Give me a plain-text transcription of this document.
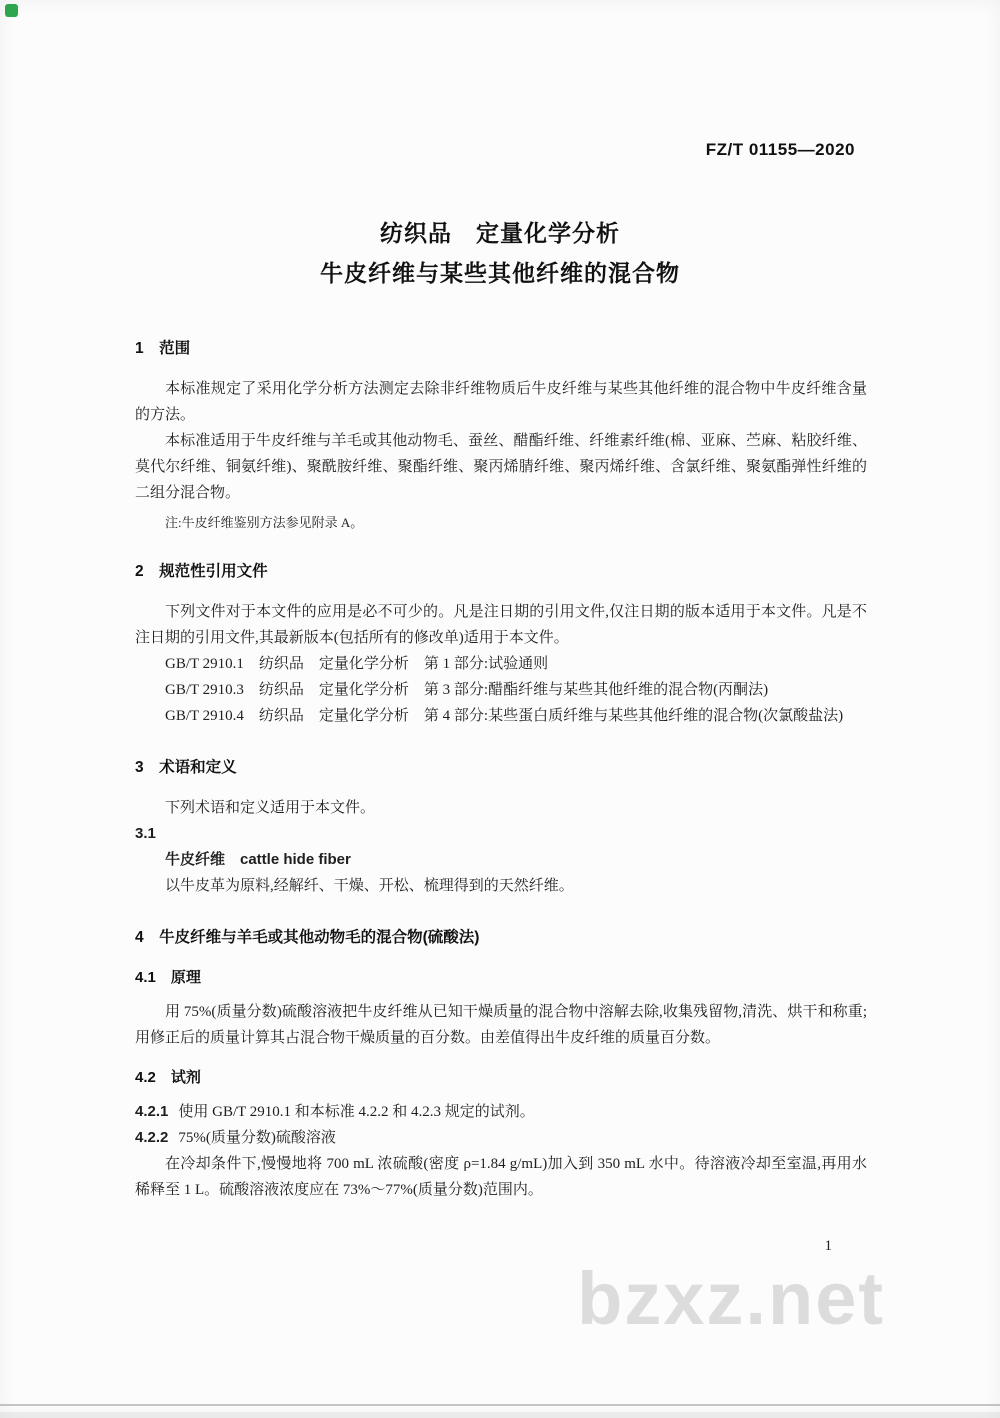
FZ/T 01155—2020
纺织品　定量化学分析
牛皮纤维与某些其他纤维的混合物
1　范围

本标准规定了采用化学分析方法测定去除非纤维物质后牛皮纤维与某些其他纤维的混合物中牛皮纤维含量的方法。

本标准适用于牛皮纤维与羊毛或其他动物毛、蚕丝、醋酯纤维、纤维素纤维(棉、亚麻、苎麻、粘胶纤维、莫代尔纤维、铜氨纤维)、聚酰胺纤维、聚酯纤维、聚丙烯腈纤维、聚丙烯纤维、含氯纤维、聚氨酯弹性纤维的二组分混合物。

注:牛皮纤维鉴别方法参见附录 A。

2　规范性引用文件

下列文件对于本文件的应用是必不可少的。凡是注日期的引用文件,仅注日期的版本适用于本文件。凡是不注日期的引用文件,其最新版本(包括所有的修改单)适用于本文件。

GB/T 2910.1　纺织品　定量化学分析　第 1 部分:试验通则

GB/T 2910.3　纺织品　定量化学分析　第 3 部分:醋酯纤维与某些其他纤维的混合物(丙酮法)

GB/T 2910.4　纺织品　定量化学分析　第 4 部分:某些蛋白质纤维与某些其他纤维的混合物(次氯酸盐法)

3　术语和定义

下列术语和定义适用于本文件。

3.1

牛皮纤维　cattle hide fiber

以牛皮革为原料,经解纤、干燥、开松、梳理得到的天然纤维。

4　牛皮纤维与羊毛或其他动物毛的混合物(硫酸法)
4.1　原理

用 75%(质量分数)硫酸溶液把牛皮纤维从已知干燥质量的混合物中溶解去除,收集残留物,清洗、烘干和称重;用修正后的质量计算其占混合物干燥质量的百分数。由差值得出牛皮纤维的质量百分数。

4.2　试剂

4.2.1 使用 GB/T 2910.1 和本标准 4.2.2 和 4.2.3 规定的试剂。

4.2.2 75%(质量分数)硫酸溶液

在冷却条件下,慢慢地将 700 mL 浓硫酸(密度 ρ=1.84 g/mL)加入到 350 mL 水中。待溶液冷却至室温,再用水稀释至 1 L。硫酸溶液浓度应在 73%～77%(质量分数)范围内。

1
bzxz.net
